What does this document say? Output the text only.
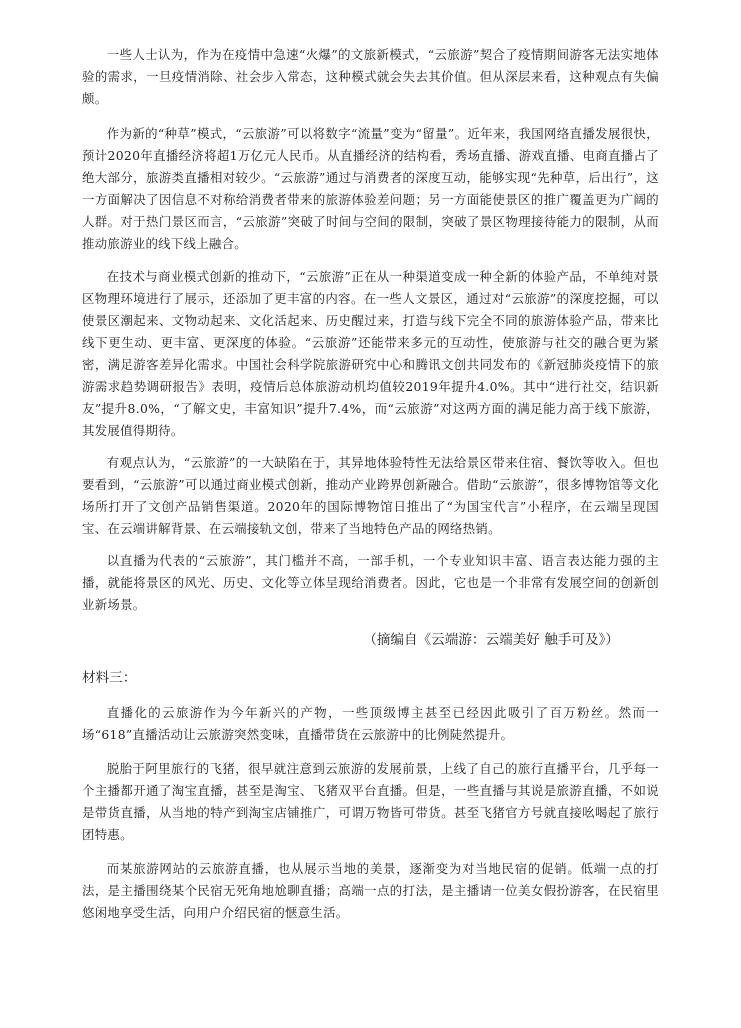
一些人士认为，作为在疫情中急速“火爆”的文旅新模式，“云旅游”契合了疫情期间游客无法实地体验的需求，一旦疫情消除、社会步入常态，这种模式就会失去其价值。但从深层来看，这种观点有失偏颇。

作为新的“种草”模式，“云旅游”可以将数字“流量”变为“留量”。近年来，我国网络直播发展很快，预计2020年直播经济将超1万亿元人民币。从直播经济的结构看，秀场直播、游戏直播、电商直播占了绝大部分，旅游类直播相对较少。“云旅游”通过与消费者的深度互动，能够实现“先种草，后出行”，这一方面解决了因信息不对称给消费者带来的旅游体验差问题；另一方面能使景区的推广覆盖更为广阔的人群。对于热门景区而言，“云旅游”突破了时间与空间的限制，突破了景区物理接待能力的限制，从而推动旅游业的线下线上融合。

在技术与商业模式创新的推动下，“云旅游”正在从一种渠道变成一种全新的体验产品，不单纯对景区物理环境进行了展示，还添加了更丰富的内容。在一些人文景区，通过对“云旅游”的深度挖掘，可以使景区潮起来、文物动起来、文化活起来、历史醒过来，打造与线下完全不同的旅游体验产品，带来比线下更生动、更丰富、更深度的体验。“云旅游”还能带来多元的互动性，使旅游与社交的融合更为紧密，满足游客差异化需求。中国社会科学院旅游研究中心和腾讯文创共同发布的《新冠肺炎疫情下的旅游需求趋势调研报告》表明，疫情后总体旅游动机均值较2019年提升4.0%。其中“进行社交，结识新友”提升8.0%，“了解文史，丰富知识”提升7.4%，而“云旅游”对这两方面的满足能力高于线下旅游，其发展值得期待。

有观点认为，“云旅游”的一大缺陷在于，其异地体验特性无法给景区带来住宿、餐饮等收入。但也要看到，“云旅游”可以通过商业模式创新，推动产业跨界创新融合。借助“云旅游”，很多博物馆等文化场所打开了文创产品销售渠道。2020年的国际博物馆日推出了“为国宝代言”小程序，在云端呈现国宝、在云端讲解背景、在云端接轨文创，带来了当地特色产品的网络热销。

以直播为代表的“云旅游”，其门槛并不高，一部手机，一个专业知识丰富、语言表达能力强的主播，就能将景区的风光、历史、文化等立体呈现给消费者。因此，它也是一个非常有发展空间的创新创业新场景。

（摘编自《云端游：云端美好 触手可及》）

材料三：

直播化的云旅游作为今年新兴的产物，一些顶级博主甚至已经因此吸引了百万粉丝。然而一场“618”直播活动让云旅游突然变味，直播带货在云旅游中的比例陡然提升。

脱胎于阿里旅行的飞猪，很早就注意到云旅游的发展前景，上线了自己的旅行直播平台，几乎每一个主播都开通了淘宝直播，甚至是淘宝、飞猪双平台直播。但是，一些直播与其说是旅游直播，不如说是带货直播，从当地的特产到淘宝店铺推广，可谓万物皆可带货。甚至飞猪官方号就直接吆喝起了旅行团特惠。

而某旅游网站的云旅游直播，也从展示当地的美景，逐渐变为对当地民宿的促销。低端一点的打法，是主播围绕某个民宿无死角地尬聊直播；高端一点的打法，是主播请一位美女假扮游客，在民宿里悠闲地享受生活，向用户介绍民宿的惬意生活。
